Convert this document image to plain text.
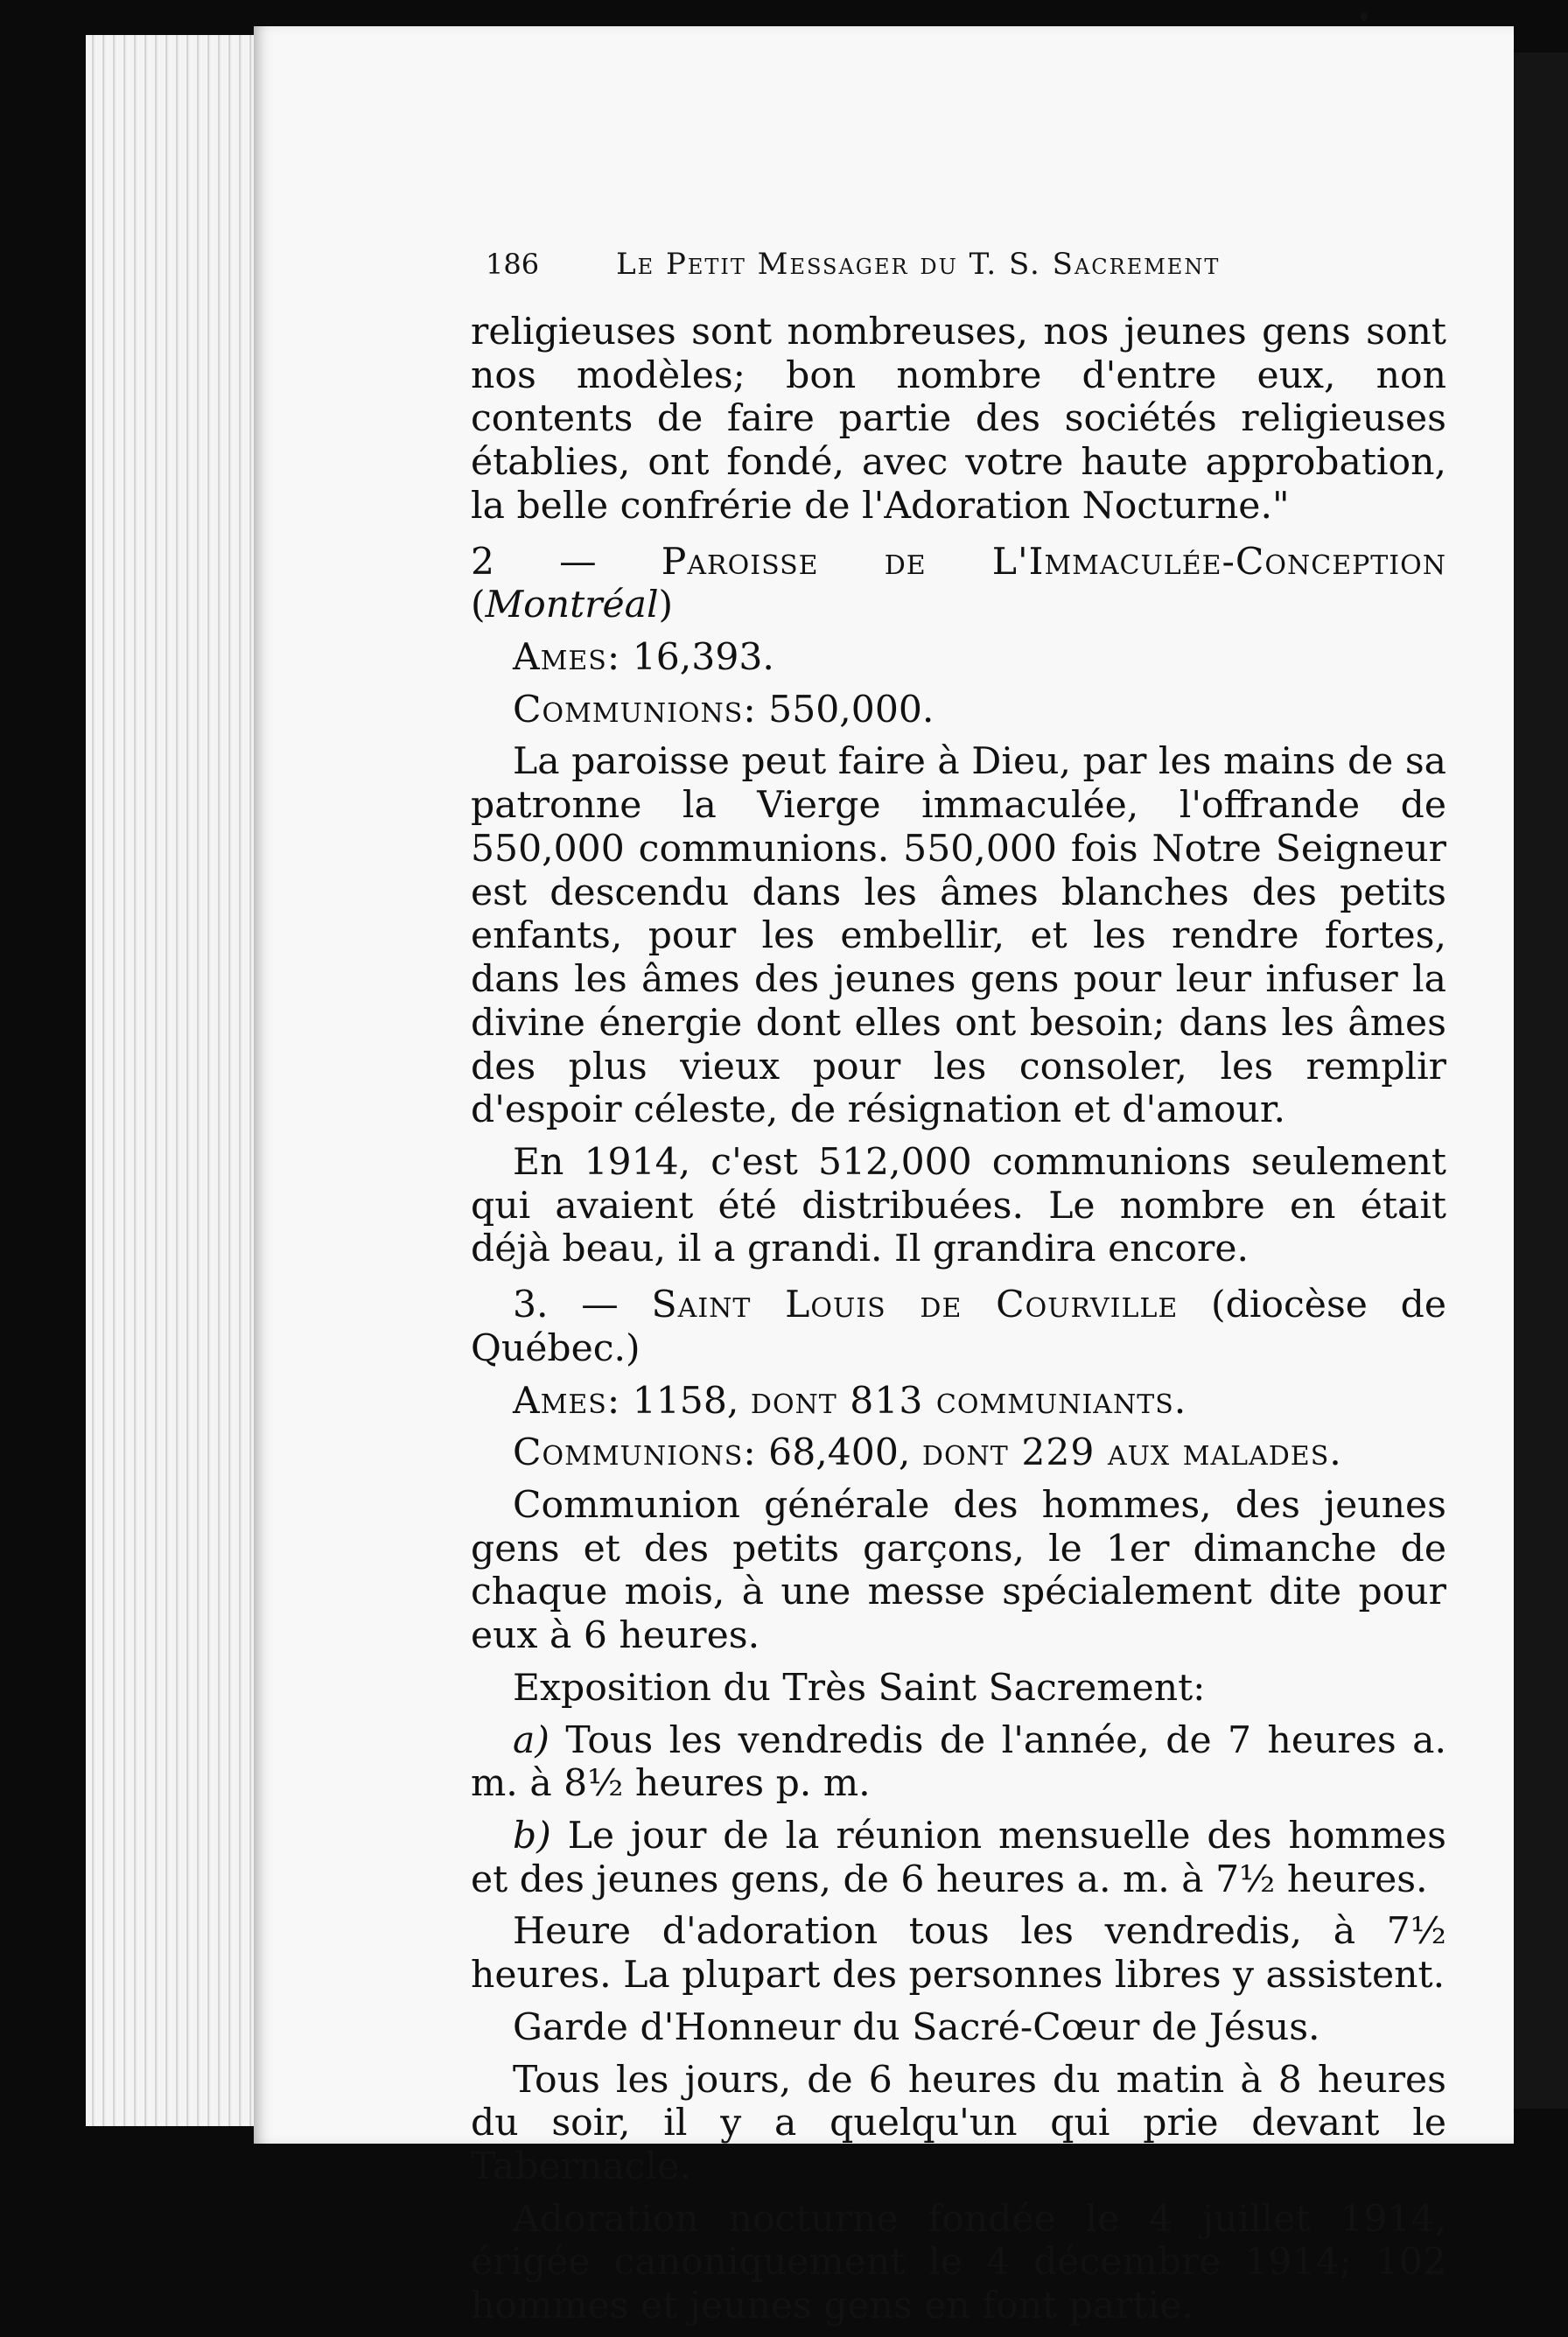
186	Le Petit Messager du T. S. Sacrement

religieuses sont nombreuses, nos jeunes gens sont nos modèles; bon nombre d'entre eux, non contents de faire partie des sociétés religieuses établies, ont fondé, avec votre haute approbation, la belle confrérie de l'Adoration Nocturne."

2 — Paroisse de L'Immaculée-Conception (Montréal)

Ames: 16,393.

Communions: 550,000.

La paroisse peut faire à Dieu, par les mains de sa patronne la Vierge immaculée, l'offrande de 550,000 communions. 550,000 fois Notre Seigneur est descendu dans les âmes blanches des petits enfants, pour les embellir, et les rendre fortes, dans les âmes des jeunes gens pour leur infuser la divine énergie dont elles ont besoin; dans les âmes des plus vieux pour les consoler, les remplir d'espoir céleste, de résignation et d'amour.

En 1914, c'est 512,000 communions seulement qui avaient été distribuées. Le nombre en était déjà beau, il a grandi. Il grandira encore.

3. — Saint Louis de Courville (diocèse de Québec.)

Ames: 1158, dont 813 communiants.

Communions: 68,400, dont 229 aux malades.

Communion générale des hommes, des jeunes gens et des petits garçons, le 1er dimanche de chaque mois, à une messe spécialement dite pour eux à 6 heures.

Exposition du Très Saint Sacrement:

a) Tous les vendredis de l'année, de 7 heures a. m. à 8½ heures p. m.

b) Le jour de la réunion mensuelle des hommes et des jeunes gens, de 6 heures a. m. à 7½ heures.

Heure d'adoration tous les vendredis, à 7½ heures. La plupart des personnes libres y assistent.

Garde d'Honneur du Sacré-Cœur de Jésus.

Tous les jours, de 6 heures du matin à 8 heures du soir, il y a quelqu'un qui prie devant le Tabernacle.

Adoration nocturne fondée le 4 juillet 1914, érigée canoniquement le 4 décembre 1914; 102 hommes et jeunes gens en font partie.
